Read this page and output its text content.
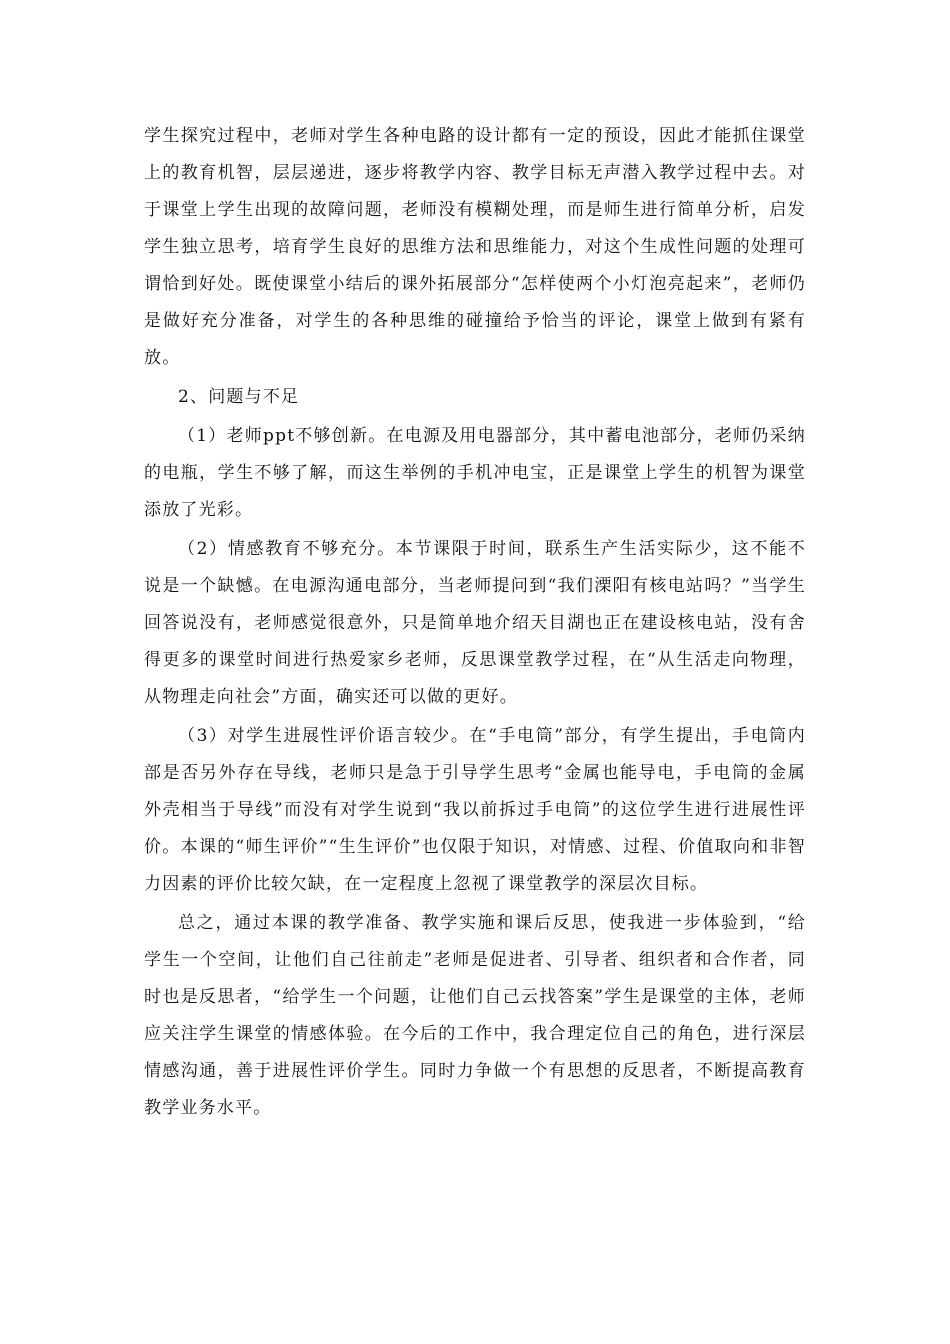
学生探究过程中，老师对学生各种电路的设计都有一定的预设，因此才能抓住课堂上的教育机智，层层递进，逐步将教学内容、教学目标无声潜入教学过程中去。对于课堂上学生出现的故障问题，老师没有模糊处理，而是师生进行简单分析，启发学生独立思考，培育学生良好的思维方法和思维能力，对这个生成性问题的处理可谓恰到好处。既使课堂小结后的课外拓展部分“怎样使两个小灯泡亮起来”，老师仍是做好充分准备，对学生的各种思维的碰撞给予恰当的评论，课堂上做到有紧有放。

2、问题与不足

（1）老师ppt不够创新。在电源及用电器部分，其中蓄电池部分，老师仍采纳的电瓶，学生不够了解，而这生举例的手机冲电宝，正是课堂上学生的机智为课堂添放了光彩。

（2）情感教育不够充分。本节课限于时间，联系生产生活实际少，这不能不说是一个缺憾。在电源沟通电部分，当老师提问到“我们溧阳有核电站吗？”当学生回答说没有，老师感觉很意外，只是简单地介绍天目湖也正在建设核电站，没有舍得更多的课堂时间进行热爱家乡老师，反思课堂教学过程，在“从生活走向物理，从物理走向社会”方面，确实还可以做的更好。

（3）对学生进展性评价语言较少。在“手电筒”部分，有学生提出，手电筒内部是否另外存在导线，老师只是急于引导学生思考“金属也能导电，手电筒的金属外壳相当于导线”而没有对学生说到“我以前拆过手电筒”的这位学生进行进展性评价。本课的“师生评价”“生生评价”也仅限于知识，对情感、过程、价值取向和非智力因素的评价比较欠缺，在一定程度上忽视了课堂教学的深层次目标。

总之，通过本课的教学准备、教学实施和课后反思，使我进一步体验到，“给学生一个空间，让他们自己往前走”老师是促进者、引导者、组织者和合作者，同时也是反思者，“给学生一个问题，让他们自己云找答案”学生是课堂的主体，老师应关注学生课堂的情感体验。在今后的工作中，我合理定位自己的角色，进行深层情感沟通，善于进展性评价学生。同时力争做一个有思想的反思者，不断提高教育教学业务水平。
